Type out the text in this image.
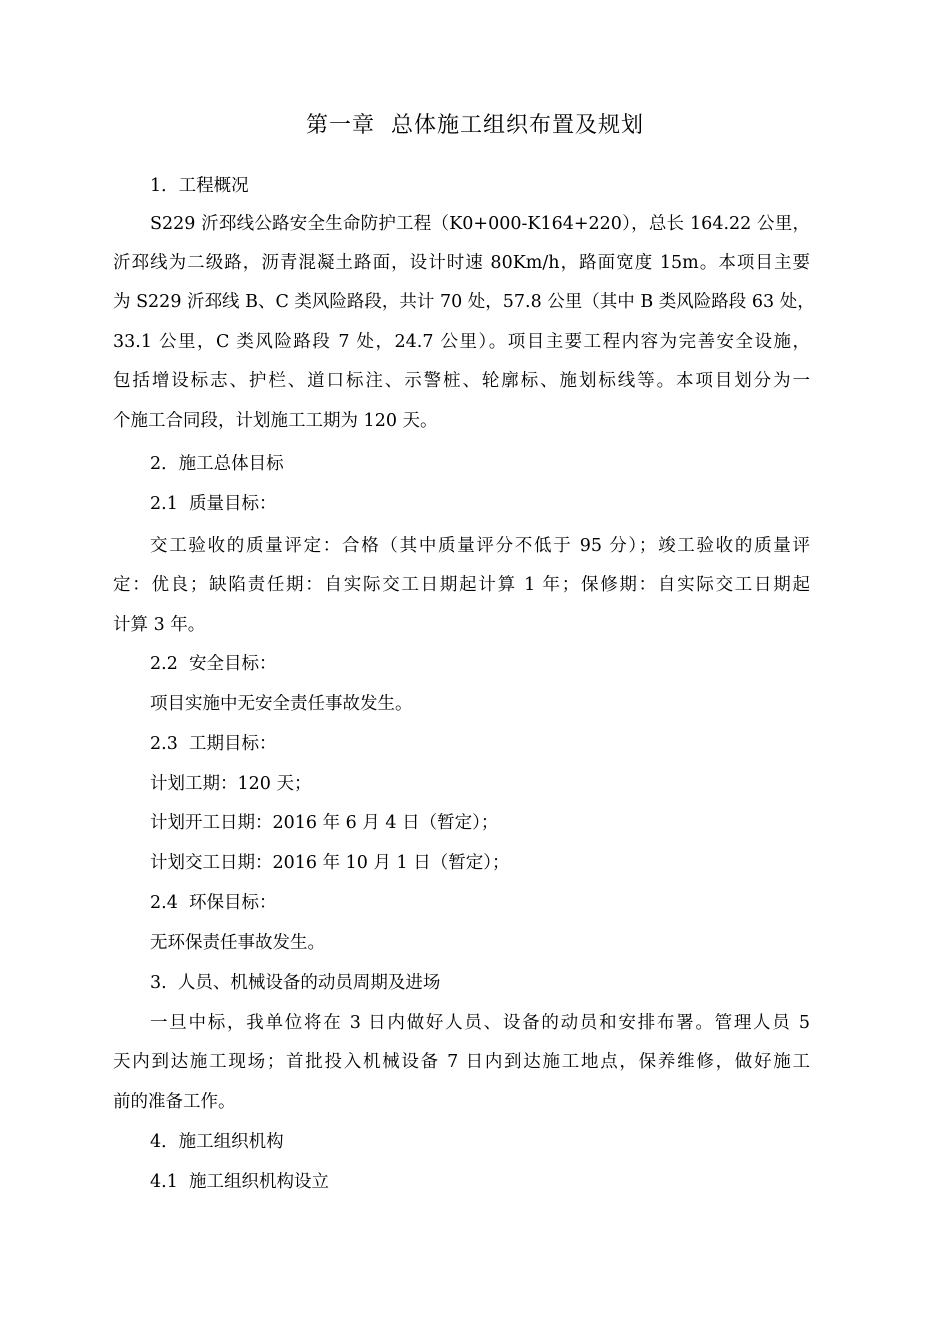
第一章  总体施工组织布置及规划
1．工程概况
S229 沂邳线公路安全生命防护工程（K0+000-K164+220），总长 164.22 公里，
沂邳线为二级路，沥青混凝土路面，设计时速 80Km/h，路面宽度 15m。本项目主要
为 S229 沂邳线 B、C 类风险路段，共计 70 处，57.8 公里（其中 B 类风险路段 63 处，
33.1 公里，C 类风险路段 7 处，24.7 公里）。项目主要工程内容为完善安全设施，
包括增设标志、护栏、道口标注、示警桩、轮廓标、施划标线等。本项目划分为一
个施工合同段，计划施工工期为 120 天。
2．施工总体目标
2.1  质量目标：
交工验收的质量评定：合格（其中质量评分不低于 95 分）；竣工验收的质量评
定：优良；缺陷责任期：自实际交工日期起计算 1 年；保修期：自实际交工日期起
计算 3 年。
2.2  安全目标：
项目实施中无安全责任事故发生。
2.3  工期目标：
计划工期：120 天；
计划开工日期：2016 年 6 月 4 日（暂定）；
计划交工日期：2016 年 10 月 1 日（暂定）；
2.4  环保目标：
无环保责任事故发生。
3.  人员、机械设备的动员周期及进场
一旦中标，我单位将在 3 日内做好人员、设备的动员和安排布署。管理人员 5
天内到达施工现场；首批投入机械设备 7 日内到达施工地点，保养维修，做好施工
前的准备工作。
4．施工组织机构
4.1  施工组织机构设立
